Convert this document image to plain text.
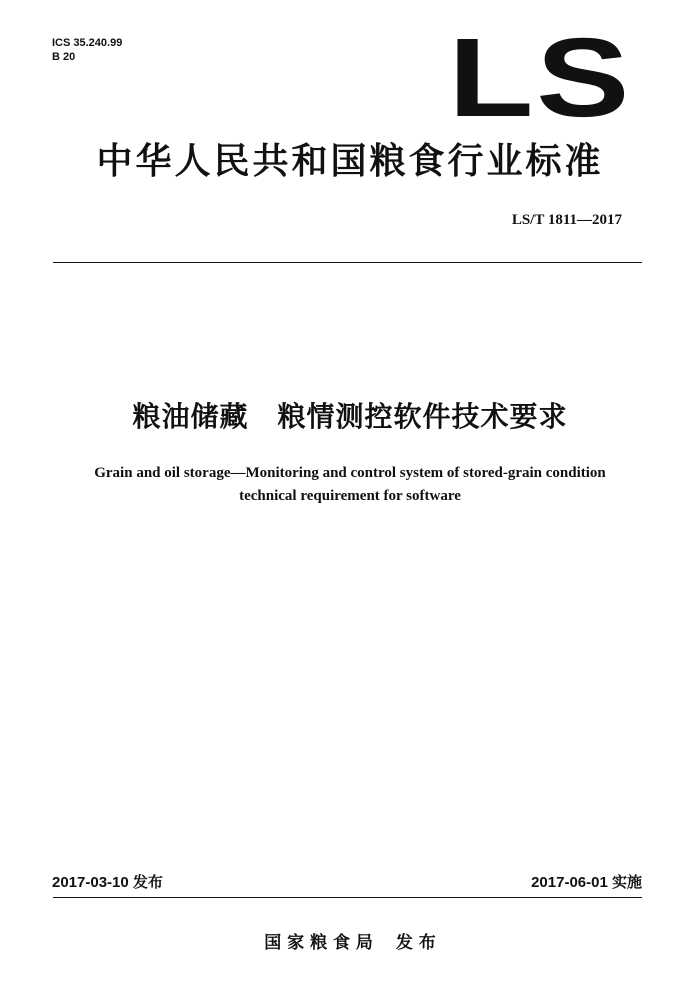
ICS 35.240.99
B 20	LS
中华人民共和国粮食行业标准
LS/T 1811—2017
粮油储藏　粮情测控软件技术要求
Grain and oil storage—Monitoring and control system of stored-grain condition
technical requirement for software
2017-03-10 发布	2017-06-01 实施
国 家 粮 食 局　 发 布
